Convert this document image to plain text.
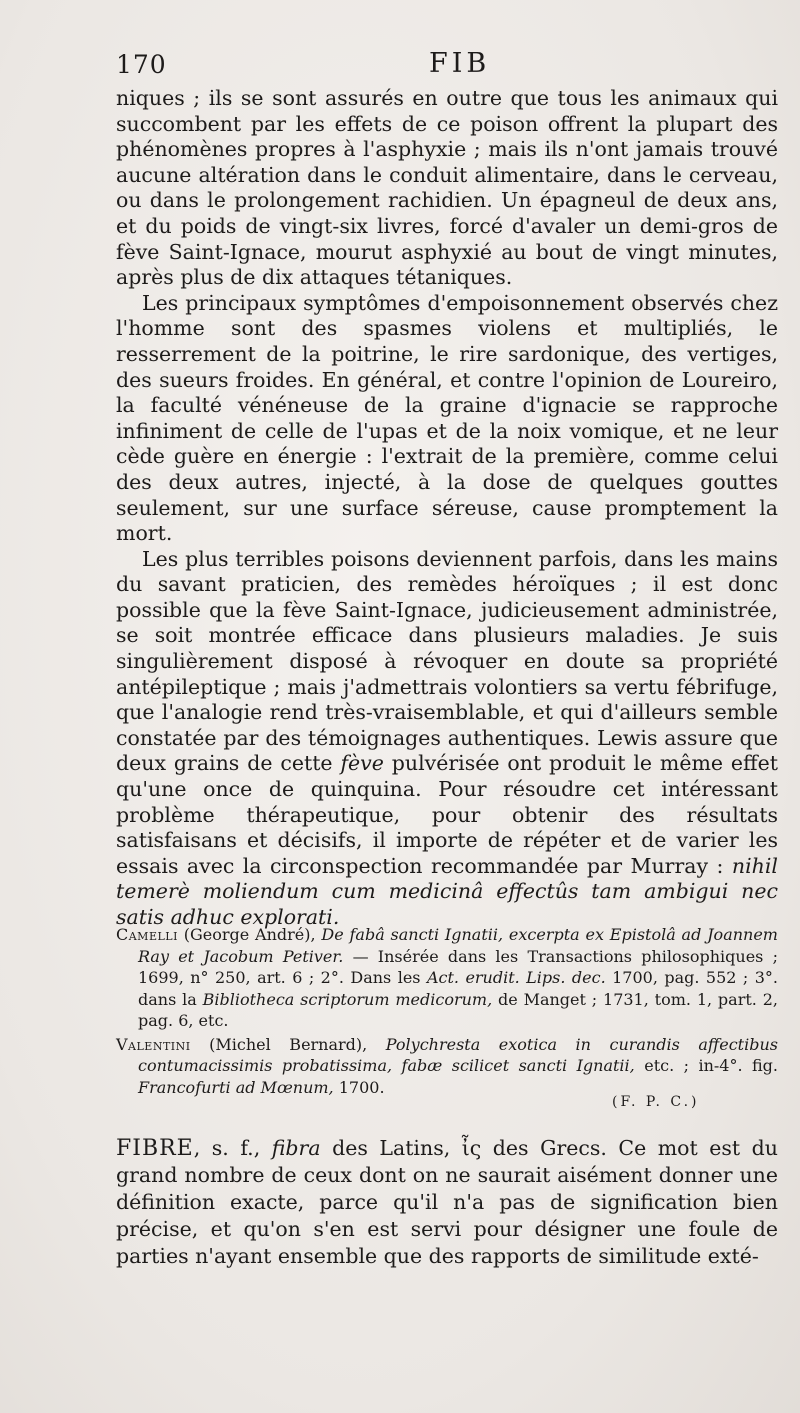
170	FIB

niques ; ils se sont assurés en outre que tous les animaux qui succombent par les effets de ce poison offrent la plupart des phénomènes propres à l'asphyxie ; mais ils n'ont jamais trouvé aucune altération dans le conduit alimentaire, dans le cerveau, ou dans le prolongement rachidien. Un épagneul de deux ans, et du poids de vingt-six livres, forcé d'avaler un demi-gros de fève Saint-Ignace, mourut asphyxié au bout de vingt minutes, après plus de dix attaques tétaniques.

Les principaux symptômes d'empoisonnement observés chez l'homme sont des spasmes violens et multipliés, le resserrement de la poitrine, le rire sardonique, des vertiges, des sueurs froides. En général, et contre l'opinion de Loureiro, la faculté vénéneuse de la graine d'ignacie se rapproche infiniment de celle de l'upas et de la noix vomique, et ne leur cède guère en énergie : l'extrait de la première, comme celui des deux autres, injecté, à la dose de quelques gouttes seulement, sur une surface séreuse, cause promptement la mort.

Les plus terribles poisons deviennent parfois, dans les mains du savant praticien, des remèdes héroïques ; il est donc possible que la fève Saint-Ignace, judicieusement administrée, se soit montrée efficace dans plusieurs maladies. Je suis singulièrement disposé à révoquer en doute sa propriété antépileptique ; mais j'admettrais volontiers sa vertu fébrifuge, que l'analogie rend très-vraisemblable, et qui d'ailleurs semble constatée par des témoignages authentiques. Lewis assure que deux grains de cette fève pulvérisée ont produit le même effet qu'une once de quinquina. Pour résoudre cet intéressant problème thérapeutique, pour obtenir des résultats satisfaisans et décisifs, il importe de répéter et de varier les essais avec la circonspection recommandée par Murray : nihil temerè moliendum cum medicinâ effectûs tam ambigui nec satis adhuc explorati.

Camelli (George André), De fabâ sancti Ignatii, excerpta ex Epistolâ ad Joannem Ray et Jacobum Petiver. — Insérée dans les Transactions philosophiques ; 1699, n° 250, art. 6 ; 2°. Dans les Act. erudit. Lips. dec. 1700, pag. 552 ; 3°. dans la Bibliotheca scriptorum medicorum, de Manget ; 1731, tom. 1, part. 2, pag. 6, etc.

Valentini (Michel Bernard), Polychresta exotica in curandis affectibus contumacissimis probatissima, fabæ scilicet sancti Ignatii, etc. ; in-4°. fig. Francofurti ad Mœnum, 1700.

(F. P. C.)

FIBRE, s. f., fibra des Latins, ἶς des Grecs. Ce mot est du grand nombre de ceux dont on ne saurait aisément donner une définition exacte, parce qu'il n'a pas de signification bien précise, et qu'on s'en est servi pour désigner une foule de parties n'ayant ensemble que des rapports de similitude exté-
